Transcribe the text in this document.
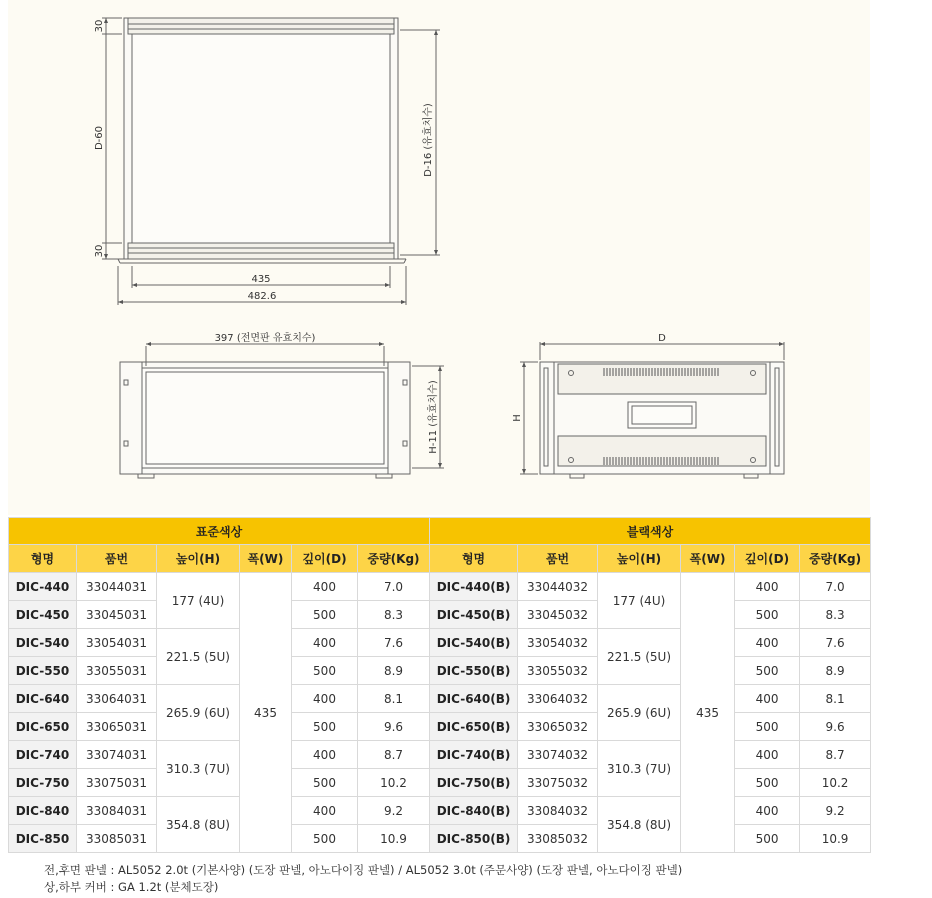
30
D-60
30
D-16 (유효치수)
435
482.6
397 (전면판 유효치수)
H-11 (유효치수)
D
H
표준색상						블랙색상					
형명	품번	높이(H)	폭(W)	깊이(D)	중량(Kg)	형명	품번	높이(H)	폭(W)	깊이(D)	중량(Kg)
DIC-440	33044031	177 (4U)	435	400	7.0	DIC-440(B)	33044032	177 (4U)	435	400	7.0
DIC-450	33045031			500	8.3	DIC-450(B)	33045032			500	8.3
DIC-540	33054031	221.5 (5U)		400	7.6	DIC-540(B)	33054032	221.5 (5U)		400	7.6
DIC-550	33055031			500	8.9	DIC-550(B)	33055032			500	8.9
DIC-640	33064031	265.9 (6U)		400	8.1	DIC-640(B)	33064032	265.9 (6U)		400	8.1
DIC-650	33065031			500	9.6	DIC-650(B)	33065032			500	9.6
DIC-740	33074031	310.3 (7U)		400	8.7	DIC-740(B)	33074032	310.3 (7U)		400	8.7
DIC-750	33075031			500	10.2	DIC-750(B)	33075032			500	10.2
DIC-840	33084031	354.8 (8U)		400	9.2	DIC-840(B)	33084032	354.8 (8U)		400	9.2
DIC-850	33085031			500	10.9	DIC-850(B)	33085032			500	10.9
전,후면 판넬 : AL5052 2.0t (기본사양) (도장 판넬, 아노다이징 판넬) / AL5052 3.0t (주문사양) (도장 판넬, 아노다이징 판넬)
상,하부 커버 : GA 1.2t (분체도장)
